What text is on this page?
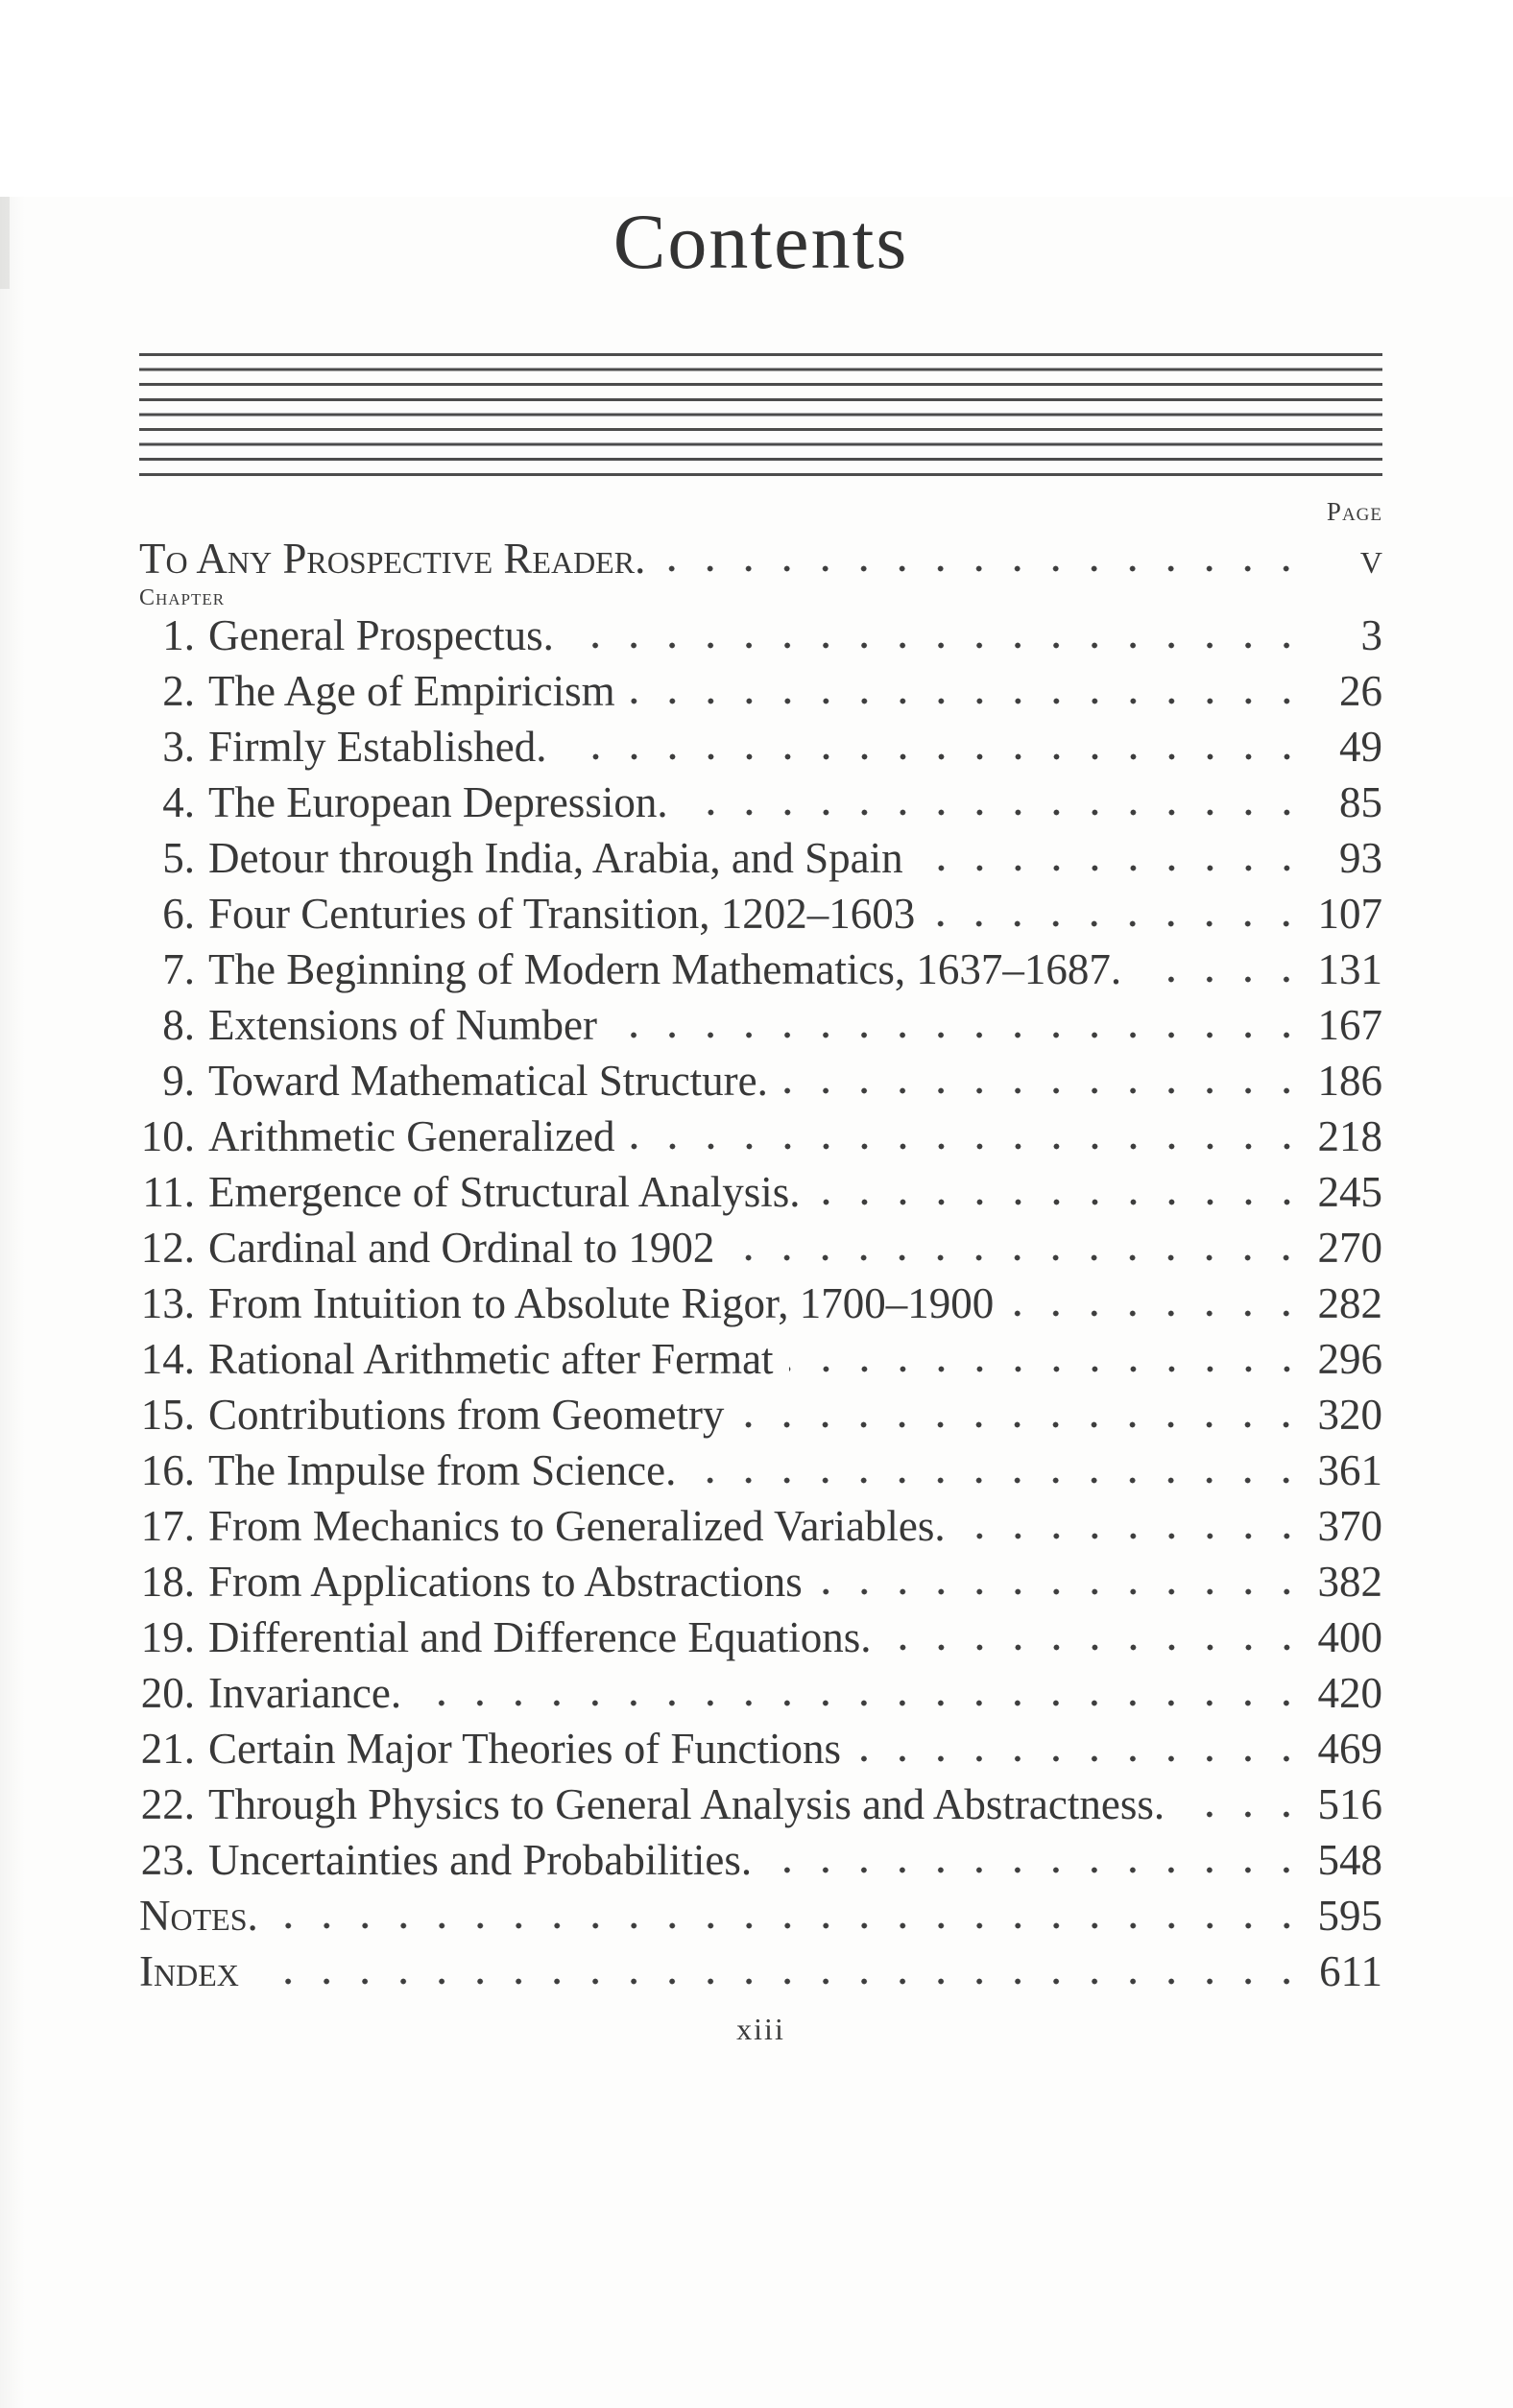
Contents
Page
To Any Prospective Reader.	v
Chapter
1. General Prospectus.	3
2. The Age of Empiricism	26
3. Firmly Established.	49
4. The European Depression.	85
5. Detour through India, Arabia, and Spain	93
6. Four Centuries of Transition, 1202–1603	107
7. The Beginning of Modern Mathematics, 1637–1687.	131
8. Extensions of Number	167
9. Toward Mathematical Structure.	186
10. Arithmetic Generalized	218
11. Emergence of Structural Analysis.	245
12. Cardinal and Ordinal to 1902	270
13. From Intuition to Absolute Rigor, 1700–1900	282
14. Rational Arithmetic after Fermat	296
15. Contributions from Geometry	320
16. The Impulse from Science.	361
17. From Mechanics to Generalized Variables.	370
18. From Applications to Abstractions	382
19. Differential and Difference Equations.	400
20. Invariance.	420
21. Certain Major Theories of Functions	469
22. Through Physics to General Analysis and Abstractness.	516
23. Uncertainties and Probabilities.	548
Notes.	595
Index	611
xiii
